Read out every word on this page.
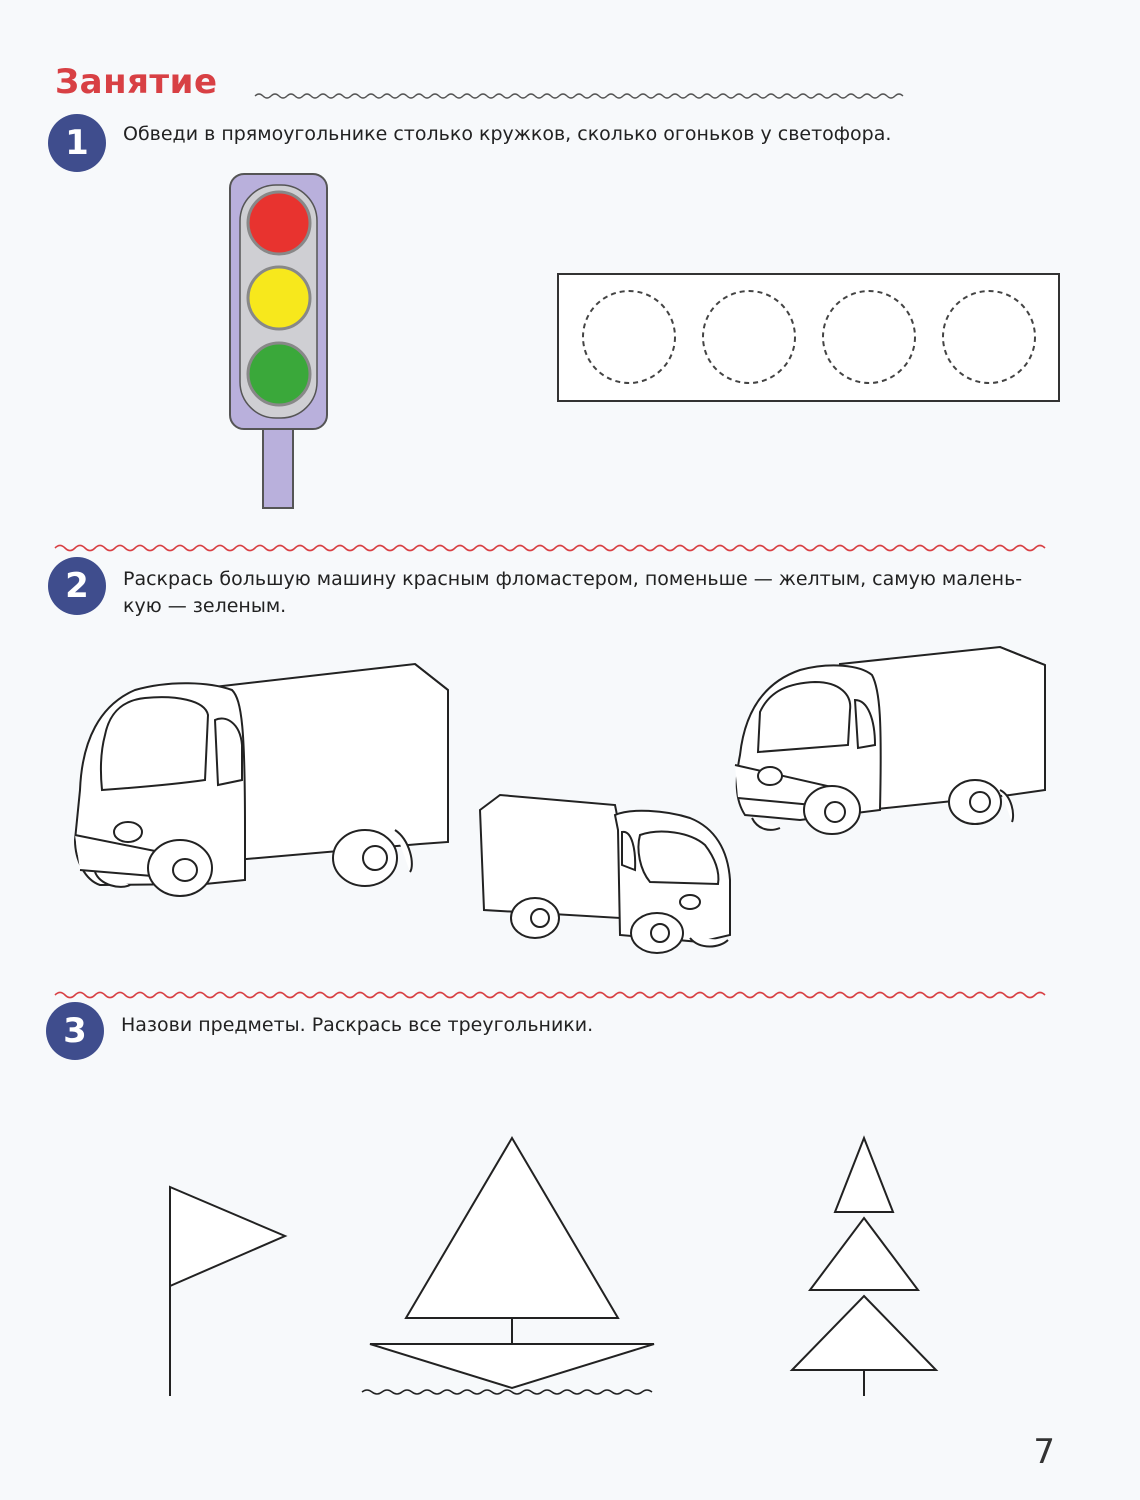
Занятие
1	Обведи в прямоугольнике столько кружков, сколько огоньков у светофора.
2	Раскрась большую машину красным фломастером, поменьше — желтым, самую малень-
кую — зеленым.
3	Назови предметы. Раскрась все треугольники.
7
